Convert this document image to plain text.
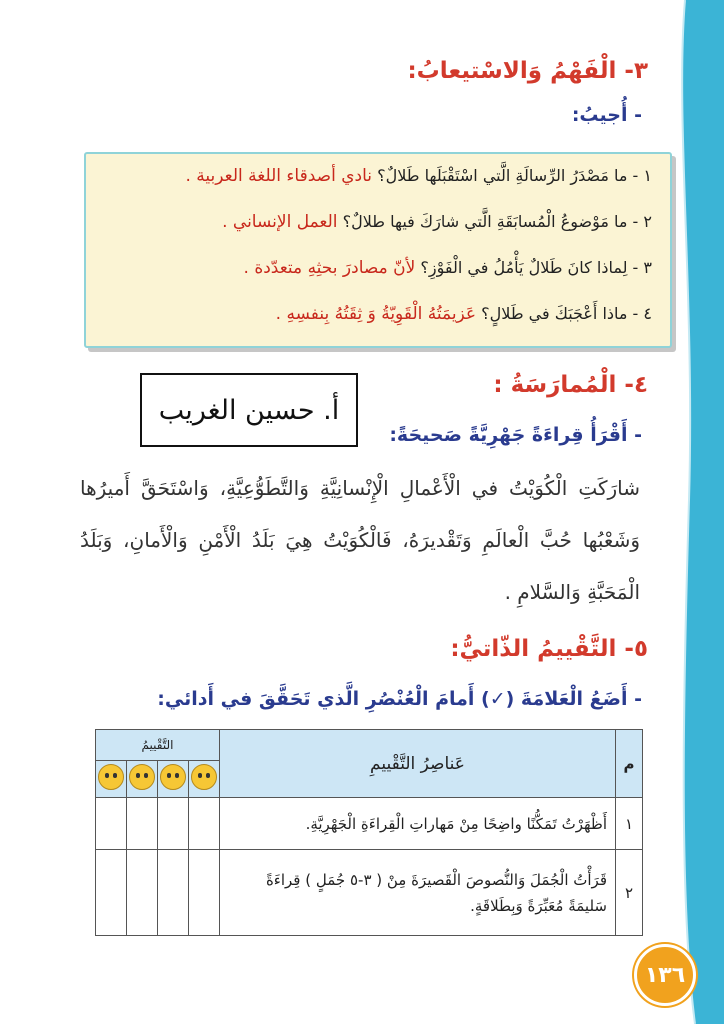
٣- الْفَهْمُ وَالاسْتيعابُ:
- أُجيبُ:
١ - ما مَصْدَرُ الرِّسالَةِ الَّتي اسْتَقْبَلَها طَلالٌ؟ نادي أصدقاء اللغة العربية .
٢ - ما مَوْضوعُ الْمُسابَقَةِ الَّتي شارَكَ فيها طلالٌ؟ العمل الإنساني .
٣ - لِماذا كانَ طَلالٌ يَأْمُلُ في الْفَوْزِ؟ لأنّ مصادرَ بحثِهِ متعدّدة .
٤ - ماذا أَعْجَبَكَ في طَلالٍ؟ عَزيمَتُهُ الْقَوِيّةُ وَ ثِقَتُهُ بِنفسِهِ .
٤- الْمُمارَسَةُ :
أ. حسين الغريب
- أَقْرَأُ قِراءَةً جَهْرِيَّةً صَحيحَةً:
شارَكَتِ الْكُوَيْتُ في الْأَعْمالِ الْإِنْسانِيَّةِ وَالتَّطَوُّعِيَّةِ، وَاسْتَحَقَّ أَميرُها وَشَعْبُها حُبَّ الْعالَمِ وَتَقْديرَهُ، فَالْكُوَيْتُ هِيَ بَلَدُ الْأَمْنِ وَالْأَمانِ، وَبَلَدُ الْمَحَبَّةِ وَالسَّلامِ .
٥- التَّقْييمُ الذّاتيُّ:
- أَضَعُ الْعَلامَةَ (✓) أَمامَ الْعُنْصُرِ الَّذي تَحَقَّقَ في أَدائي:
م	عَناصِرُ التَّقْييمِ	التَّقْييمُ			

١	أَظْهَرْتُ تَمَكُّنًا واضِحًا مِنْ مَهاراتِ الْقِراءَةِ الْجَهْرِيَّةِ.				
٢	قَرَأْتُ الْجُمَلَ وَالنُّصوصَ الْقَصيرَةَ مِنْ ( ٣-٥ جُمَلٍ ) قِراءَةً سَليمَةً مُعَبِّرَةً وَبِطَلاقَةٍ.				
١٣٦
